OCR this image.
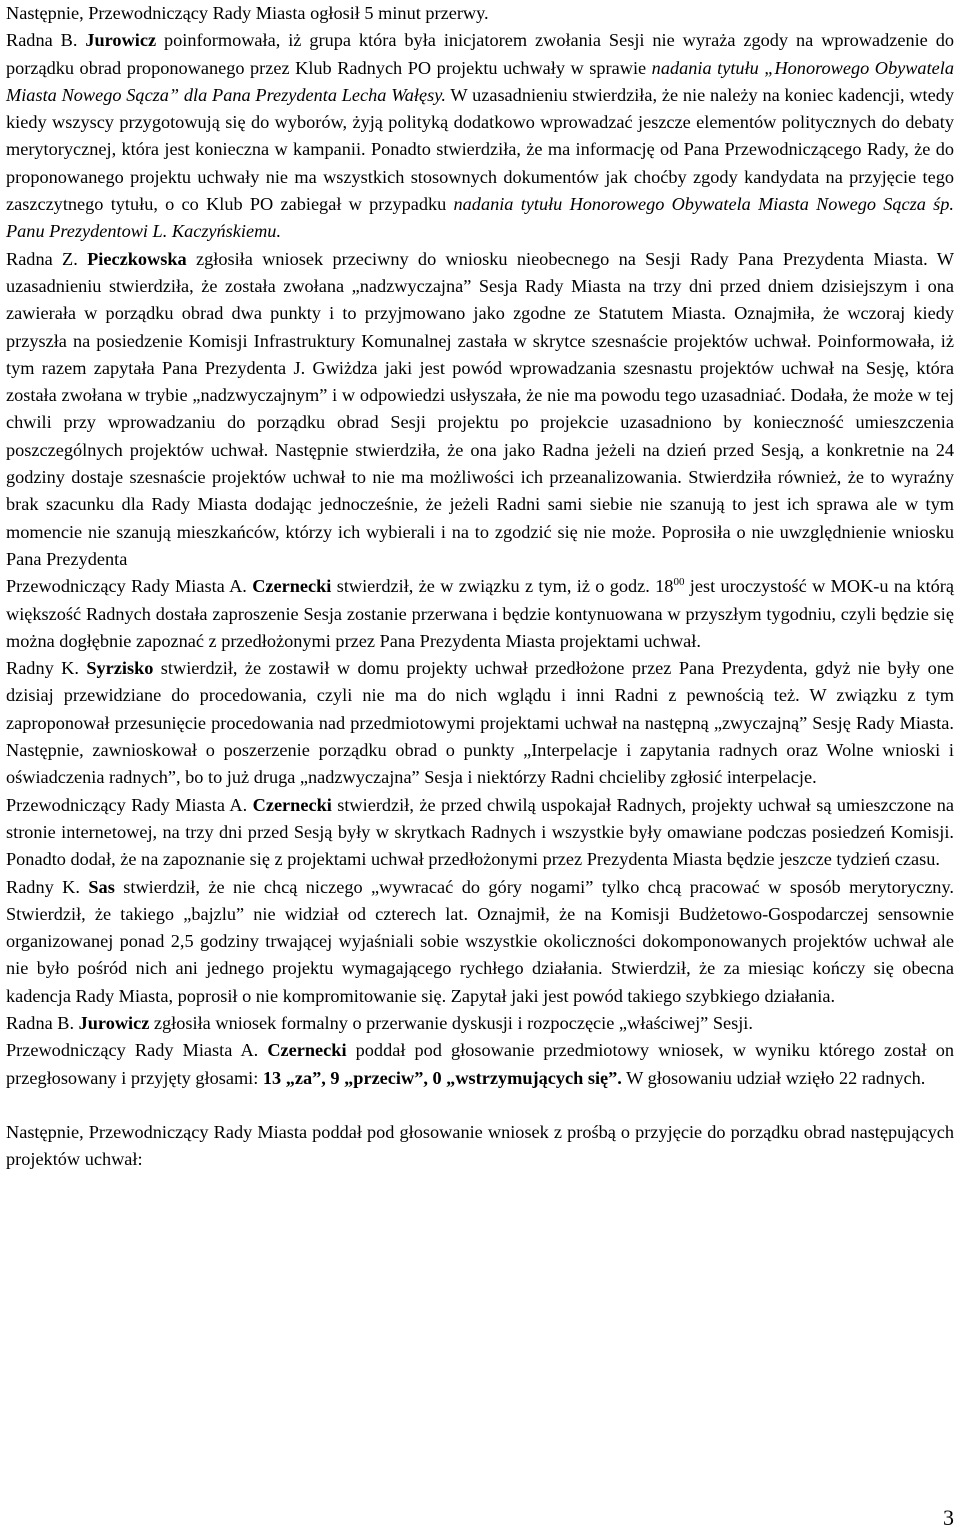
Następnie, Przewodniczący Rady Miasta ogłosił 5 minut przerwy.

Radna B. Jurowicz poinformowała, iż grupa która była inicjatorem zwołania Sesji nie wyraża zgody na wprowadzenie do porządku obrad proponowanego przez Klub Radnych PO projektu uchwały w sprawie nadania tytułu „Honorowego Obywatela Miasta Nowego Sącza” dla Pana Prezydenta Lecha Wałęsy. W uzasadnieniu stwierdziła, że nie należy na koniec kadencji, wtedy kiedy wszyscy przygotowują się do wyborów, żyją polityką dodatkowo wprowadzać jeszcze elementów politycznych do debaty merytorycznej, która jest konieczna w kampanii. Ponadto stwierdziła, że ma informację od Pana Przewodniczącego Rady, że do proponowanego projektu uchwały nie ma wszystkich stosownych dokumentów jak choćby zgody kandydata na przyjęcie tego zaszczytnego tytułu, o co Klub PO zabiegał w przypadku nadania tytułu Honorowego Obywatela Miasta Nowego Sącza śp. Panu Prezydentowi L. Kaczyńskiemu.

Radna Z. Pieczkowska zgłosiła wniosek przeciwny do wniosku nieobecnego na Sesji Rady Pana Prezydenta Miasta. W uzasadnieniu stwierdziła, że została zwołana „nadzwyczajna” Sesja Rady Miasta na trzy dni przed dniem dzisiejszym i ona zawierała w porządku obrad dwa punkty i to przyjmowano jako zgodne ze Statutem Miasta. Oznajmiła, że wczoraj kiedy przyszła na posiedzenie Komisji Infrastruktury Komunalnej zastała w skrytce szesnaście projektów uchwał. Poinformowała, iż tym razem zapytała Pana Prezydenta J. Gwiżdza jaki jest powód wprowadzania szesnastu projektów uchwał na Sesję, która została zwołana w trybie „nadzwyczajnym” i w odpowiedzi usłyszała, że nie ma powodu tego uzasadniać. Dodała, że może w tej chwili przy wprowadzaniu do porządku obrad Sesji projektu po projekcie uzasadniono by konieczność umieszczenia poszczególnych projektów uchwał. Następnie stwierdziła, że ona jako Radna jeżeli na dzień przed Sesją, a konkretnie na 24 godziny dostaje szesnaście projektów uchwał to nie ma możliwości ich przeanalizowania. Stwierdziła również, że to wyraźny brak szacunku dla Rady Miasta dodając jednocześnie, że jeżeli Radni sami siebie nie szanują to jest ich sprawa ale w tym momencie nie szanują mieszkańców, którzy ich wybierali i na to zgodzić się nie może. Poprosiła o nie uwzględnienie wniosku Pana Prezydenta

Przewodniczący Rady Miasta A. Czernecki stwierdził, że w związku z tym, iż o godz. $18^{00}$ jest uroczystość w MOK-u na którą większość Radnych dostała zaproszenie Sesja zostanie przerwana i będzie kontynuowana w przyszłym tygodniu, czyli będzie się można dogłębnie zapoznać z przedłożonymi przez Pana Prezydenta Miasta projektami uchwał.

Radny K. Syrzisko stwierdził, że zostawił w domu projekty uchwał przedłożone przez Pana Prezydenta, gdyż nie były one dzisiaj przewidziane do procedowania, czyli nie ma do nich wglądu i inni Radni z pewnością też. W związku z tym zaproponował przesunięcie procedowania nad przedmiotowymi projektami uchwał na następną „zwyczajną” Sesję Rady Miasta. Następnie, zawnioskował o poszerzenie porządku obrad o punkty „Interpelacje i zapytania radnych oraz Wolne wnioski i oświadczenia radnych”, bo to już druga „nadzwyczajna” Sesja i niektórzy Radni chcieliby zgłosić interpelacje.

Przewodniczący Rady Miasta A. Czernecki stwierdził, że przed chwilą uspokajał Radnych, projekty uchwał są umieszczone na stronie internetowej, na trzy dni przed Sesją były w skrytkach Radnych i wszystkie były omawiane podczas posiedzeń Komisji. Ponadto dodał, że na zapoznanie się z projektami uchwał przedłożonymi przez Prezydenta Miasta będzie jeszcze tydzień czasu.

Radny K. Sas stwierdził, że nie chcą niczego „wywracać do góry nogami” tylko chcą pracować w sposób merytoryczny. Stwierdził, że takiego „bajzlu” nie widział od czterech lat. Oznajmił, że na Komisji Budżetowo-Gospodarczej sensownie organizowanej ponad 2,5 godziny trwającej wyjaśniali sobie wszystkie okoliczności dokomponowanych projektów uchwał ale nie było pośród nich ani jednego projektu wymagającego rychłego działania. Stwierdził, że za miesiąc kończy się obecna kadencja Rady Miasta, poprosił o nie kompromitowanie się. Zapytał jaki jest powód takiego szybkiego działania.

Radna B. Jurowicz zgłosiła wniosek formalny o przerwanie dyskusji i rozpoczęcie „właściwej” Sesji.

Przewodniczący Rady Miasta A. Czernecki poddał pod głosowanie przedmiotowy wniosek, w wyniku którego został on przegłosowany i przyjęty głosami: 13 „za”, 9 „przeciw”, 0 „wstrzymujących się”. W głosowaniu udział wzięło 22 radnych.

Następnie, Przewodniczący Rady Miasta poddał pod głosowanie wniosek z prośbą o przyjęcie do porządku obrad następujących projektów uchwał:

3
